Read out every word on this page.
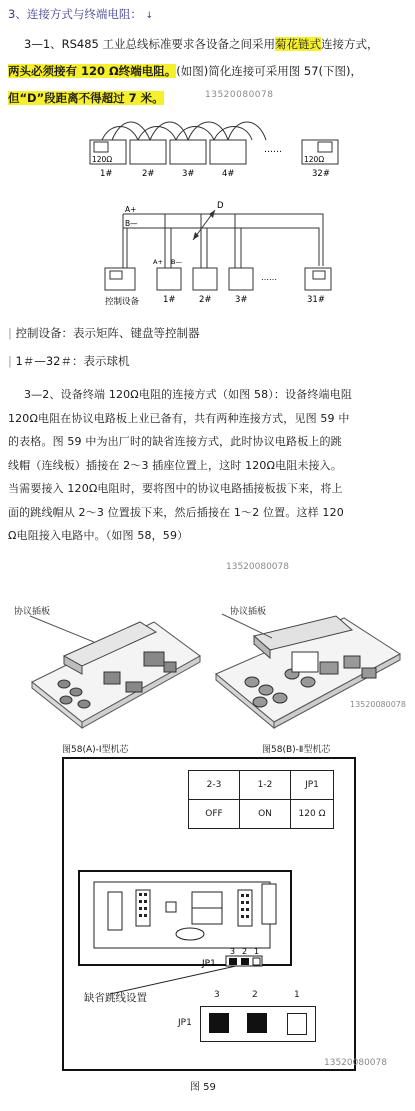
3、连接方式与终端电阻： ↓
3—1、RS485 工业总线标准要求各设备之间采用菊花链式连接方式，
两头必须接有 120 Ω终端电阻。(如图)简化连接可采用图 57(下图)，
但“D”段距离不得超过 7 米。	13520080078
120Ω	120Ω
……
1#	2#	3#	4#	32#
A+
B—
D
A+ B—
……
控制设备	1#	2#	3#	31#
| 控制设备：表示矩阵、键盘等控制器
| 1＃—32＃：表示球机
3—2、设备终端 120Ω电阻的连接方式（如图 58）：设备终端电阻
120Ω电阻在协议电路板上业已备有，共有两种连接方式，见图 59 中
的表格。图 59 中为出厂时的缺省连接方式，此时协议电路板上的跳
线帽（连线板）插接在 2～3 插座位置上，这时 120Ω电阻未接入。
当需要接入 120Ω电阻时，要将图中的协议电路插接板拔下来，将上
面的跳线帽从 2～3 位置拔下来，然后插接在 1～2 位置。这样 120
Ω电阻接入电路中。（如图 58，59）
13520080078
协议插板
图58(A)-Ⅰ型机芯
协议插板
13520080078
图58(B)-Ⅱ型机芯
2-3	1-2	JP1
OFF	ON	120 Ω
3 2 1
JP1
缺省跳线设置	3	2	1
JP1
13520080078
图 59
